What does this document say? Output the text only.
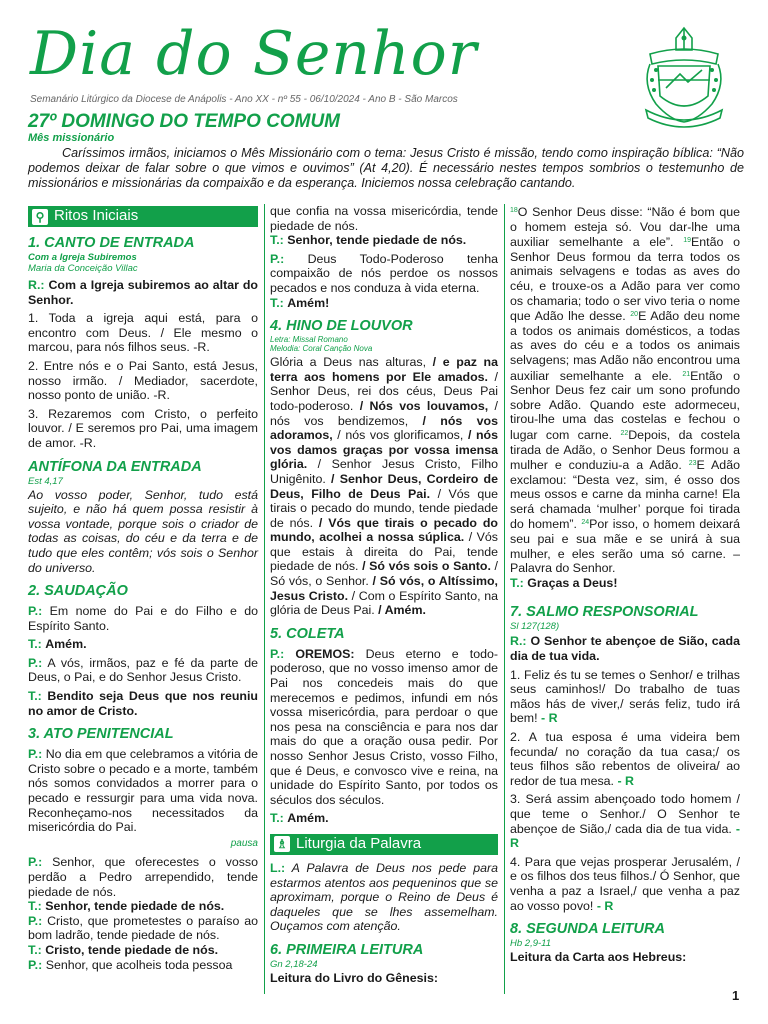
Dia do Senhor
Semanário Litúrgico da Diocese de Anápolis - Ano XX - nº 55 - 06/10/2024 - Ano B - São Marcos
27º DOMINGO DO TEMPO COMUM
Mês missionário
Caríssimos irmãos, iniciamos o Mês Missionário com o tema: Jesus Cristo é missão, tendo como inspiração bíblica: “Não podemos deixar de falar sobre o que vimos e ouvimos” (At 4,20). É necessário nestes tempos sombrios o testemunho de missionários e missionárias da compaixão e da esperança. Iniciemos nossa celebração cantando.
⚲ Ritos Iniciais
1. CANTO DE ENTRADA
Com a Igreja Subiremos
Maria da Conceição Villac

R.: Com a Igreja subiremos ao altar do Senhor.

1. Toda a igreja aqui está, para o encontro com Deus. / Ele mesmo o marcou, para nós filhos seus. -R.

2. Entre nós e o Pai Santo, está Jesus, nosso irmão. / Mediador, sacerdote, nosso ponto de união. -R.

3. Rezaremos com Cristo, o perfeito louvor. / E seremos pro Pai, uma imagem de amor. -R.

ANTÍFONA DA ENTRADA
Est 4,17

Ao vosso poder, Senhor, tudo está sujeito, e não há quem possa resistir à vossa vontade, porque sois o criador de todas as coisas, do céu e da terra e de tudo que eles contêm; vós sois o Senhor do universo.

2. SAUDAÇÃO

P.: Em nome do Pai e do Filho e do Espírito Santo.

T.: Amém.

P.: A vós, irmãos, paz e fé da parte de Deus, o Pai, e do Senhor Jesus Cristo.

T.: Bendito seja Deus que nos reuniu no amor de Cristo.

3. ATO PENITENCIAL

P.: No dia em que celebramos a vitória de Cristo sobre o pecado e a morte, também nós somos convidados a morrer para o pecado e ressurgir para uma vida nova. Reconheçamo-nos necessitados da misericórdia do Pai.

pausa

P.: Senhor, que oferecestes o vosso perdão a Pedro arrependido, tende piedade de nós.

T.: Senhor, tende piedade de nós.

P.: Cristo, que prometestes o paraíso ao bom ladrão, tende piedade de nós.

T.: Cristo, tende piedade de nós.

P.: Senhor, que acolheis toda pessoa

que confia na vossa misericórdia, tende piedade de nós.

T.: Senhor, tende piedade de nós.

P.: Deus Todo-Poderoso tenha compaixão de nós perdoe os nossos pecados e nos conduza à vida eterna.

T.: Amém!

4. HINO DE LOUVOR
Letra: Missal Romano
Melodia: Coral Canção Nova

Glória a Deus nas alturas, / e paz na terra aos homens por Ele amados. / Senhor Deus, rei dos céus, Deus Pai todo-poderoso. / Nós vos louvamos, / nós vos bendizemos, / nós vos adoramos, / nós vos glorificamos, / nós vos damos graças por vossa imensa glória. / Senhor Jesus Cristo, Filho Unigênito. / Senhor Deus, Cordeiro de Deus, Filho de Deus Pai. / Vós que tirais o pecado do mundo, tende piedade de nós. / Vós que tirais o pecado do mundo, acolhei a nossa súplica. / Vós que estais à direita do Pai, tende piedade de nós. / Só vós sois o Santo. / Só vós, o Senhor. / Só vós, o Altíssimo, Jesus Cristo. / Com o Espírito Santo, na glória de Deus Pai. / Amém.

5. COLETA

P.: OREMOS: Deus eterno e todo-poderoso, que no vosso imenso amor de Pai nos concedeis mais do que merecemos e pedimos, infundi em nós vossa misericórdia, para perdoar o que nos pesa na consciência e para nos dar mais do que a oração ousa pedir. Por nosso Senhor Jesus Cristo, vosso Filho, que é Deus, e convosco vive e reina, na unidade do Espírito Santo, por todos os séculos dos séculos.

T.: Amém.

♗ Liturgia da Palavra

L.: A Palavra de Deus nos pede para estarmos atentos aos pequeninos que se aproximam, porque o Reino de Deus é daqueles que se lhes assemelham. Ouçamos com atenção.

6. PRIMEIRA LEITURA
Gn 2,18-24

Leitura do Livro do Gênesis:

$^{18}$O Senhor Deus disse: “Não é bom que o homem esteja só. Vou dar-lhe uma auxiliar semelhante a ele”. $^{19}$Então o Senhor Deus formou da terra todos os animais selvagens e todas as aves do céu, e trouxe-os a Adão para ver como os chamaria; todo o ser vivo teria o nome que Adão lhe desse. $^{20}$E Adão deu nome a todos os animais domésticos, a todas as aves do céu e a todos os animais selvagens; mas Adão não encontrou uma auxiliar semelhante a ele. $^{21}$Então o Senhor Deus fez cair um sono profundo sobre Adão. Quando este adormeceu, tirou-lhe uma das costelas e fechou o lugar com carne. $^{22}$Depois, da costela tirada de Adão, o Senhor Deus formou a mulher e conduziu-a a Adão. $^{23}$E Adão exclamou: “Desta vez, sim, é osso dos meus ossos e carne da minha carne! Ela será chamada ‘mulher’ porque foi tirada do homem”. $^{24}$Por isso, o homem deixará seu pai e sua mãe e se unirá à sua mulher, e eles serão uma só carne. – Palavra do Senhor.

T.: Graças a Deus!

7. SALMO RESPONSORIAL
Sl 127(128)

R.: O Senhor te abençoe de Sião, cada dia de tua vida.

1. Feliz és tu se temes o Senhor/ e trilhas seus caminhos!/ Do trabalho de tuas mãos hás de viver,/ serás feliz, tudo irá bem! - R

2. A tua esposa é uma videira bem fecunda/ no coração da tua casa;/ os teus filhos são rebentos de oliveira/ ao redor de tua mesa. - R

3. Será assim abençoado todo homem / que teme o Senhor./ O Senhor te abençoe de Sião,/ cada dia de tua vida. - R

4. Para que vejas prosperar Jerusalém, / e os filhos dos teus filhos./ Ó Senhor, que venha a paz a Israel,/ que venha a paz ao vosso povo! - R

8. SEGUNDA LEITURA
Hb 2,9-11

Leitura da Carta aos Hebreus:

1
